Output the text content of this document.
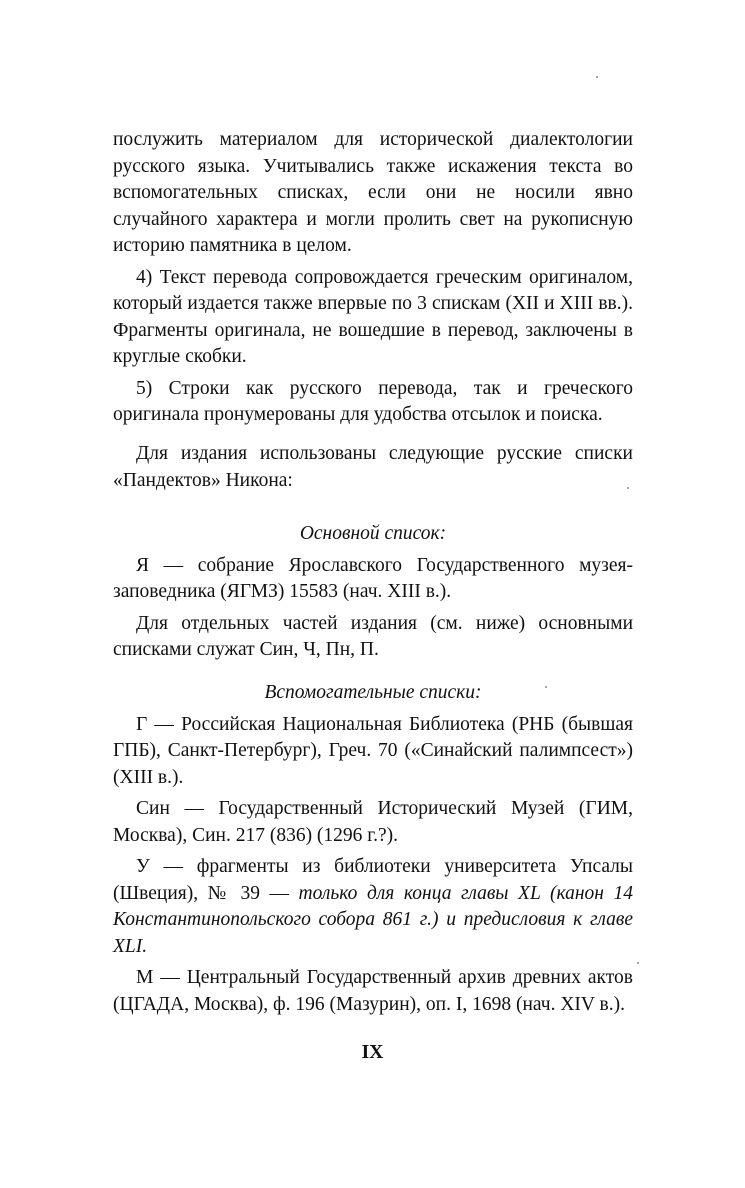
послужить материалом для исторической диалектологии русского языка. Учитывались также искажения текста во вспомогательных списках, если они не носили явно случайного характера и могли пролить свет на рукописную историю памятника в целом.

4) Текст перевода сопровождается греческим оригиналом, который издается также впервые по 3 спискам (XII и XIII вв.). Фрагменты оригинала, не вошедшие в перевод, заключены в круглые скобки.

5) Строки как русского перевода, так и греческого оригинала пронумерованы для удобства отсылок и поиска.

Для издания использованы следующие русские списки «Пандектов» Никона:

Основной список:

Я — собрание Ярославского Государственного музея-заповедника (ЯГМЗ) 15583 (нач. XIII в.).

Для отдельных частей издания (см. ниже) основными списками служат Син, Ч, Пн, П.

Вспомогательные списки:

Г — Российская Национальная Библиотека (РНБ (бывшая ГПБ), Санкт-Петербург), Греч. 70 («Синайский палимпсест») (XIII в.).

Син — Государственный Исторический Музей (ГИМ, Москва), Син. 217 (836) (1296 г.?).

У — фрагменты из библиотеки университета Упсалы (Швеция), № 39 — только для конца главы XL (канон 14 Константинопольского собора 861 г.) и предисловия к главе XLI.

М — Центральный Государственный архив древних актов (ЦГАДА, Москва), ф. 196 (Мазурин), оп. I, 1698 (нач. XIV в.).

IX
